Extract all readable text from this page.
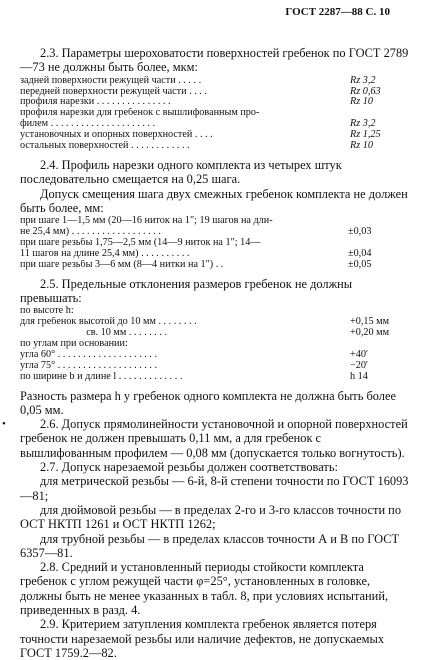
ГОСТ 2287—88 С. 10
•

2.3. Параметры шероховатости поверхностей гребенок по ГОСТ 2789—73 не должны быть более, мкм:

задней поверхности режущей части . . . . .	Rz 3,2
передней поверхности режущей части . . . .	Rz 0,63
профиля нарезки . . . . . . . . . . . . . . .	Rz 10
профиля нарезки для гребенок с вышлифованным про-
филем . . . . . . . . . . . . . . . . . . . . .	Rz 3,2
установочных и опорных поверхностей . . . .	Rz 1,25
остальных поверхностей . . . . . . . . . . . .	Rz 10

2.4. Профиль нарезки одного комплекта из четырех штук последовательно смещается на 0,25 шага.

Допуск смещения шага двух смежных гребенок комплекта не должен быть более, мм:

при шаге 1—1,5 мм (20—16 ниток на 1"; 19 шагов на дли-
не 25,4 мм) . . . . . . . . . . . . . . . . . .	±0,03
при шаге резьбы 1,75—2,5 мм (14—9 ниток на 1"; 14—
11 шагов на длине 25,4 мм) . . . . . . . . . .	±0,04
при шаге резьбы 3—6 мм (8—4 нитки на 1") . .	±0,05

2.5. Предельные отклонения размеров гребенок не должны превышать:

по высоте h:
для гребенок высотой до 10 мм . . . . . . . .	+0,15 мм
св. 10 мм . . . . . . . .	+0,20 мм
по углам при основании:
угла 60° . . . . . . . . . . . . . . . . . . . .	+40′
угла 75° . . . . . . . . . . . . . . . . . . . .	−20′
по ширине b и длине l . . . . . . . . . . . . .	h 14

Разность размера h у гребенок одного комплекта не должна быть более 0,05 мм.

2.6. Допуск прямолинейности установочной и опорной поверхностей гребенок не должен превышать 0,11 мм, а для гребенок с вышлифованным профилем — 0,08 мм (допускается только вогнутость).

2.7. Допуск нарезаемой резьбы должен соответствовать:

для метрической резьбы — 6-й, 8-й степени точности по ГОСТ 16093—81;

для дюймовой резьбы — в пределах 2-го и 3-го классов точности по ОСТ НКТП 1261 и ОСТ НКТП 1262;

для трубной резьбы — в пределах классов точности А и В по ГОСТ 6357—81.

2.8. Средний и установленный периоды стойкости комплекта гребенок с углом режущей части φ=25°, установленных в головке, должны быть не менее указанных в табл. 8, при условиях испытаний, приведенных в разд. 4.

2.9. Критерием затупления комплекта гребенок является потеря точности нарезаемой резьбы или наличие дефектов, не допускаемых ГОСТ 1759.2—82.
